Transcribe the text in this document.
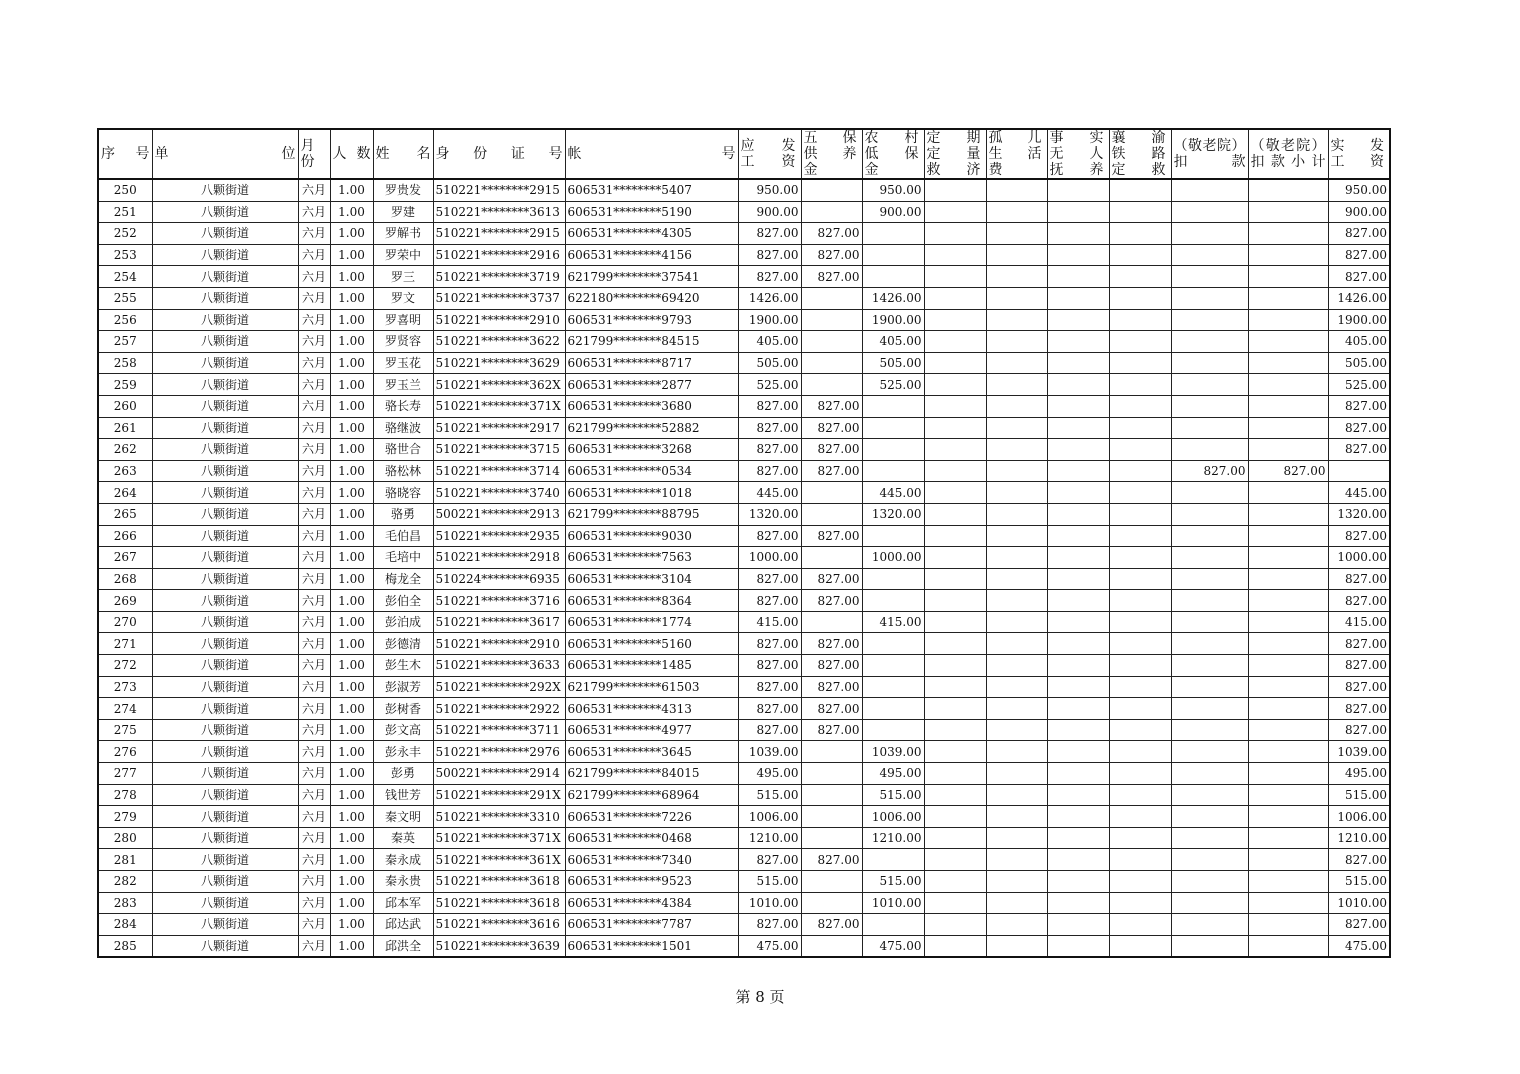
序 号	单 位	月份	人 数	姓 名	身 份 证 号	帐 号	应 发 工 资	五 保 供 养 金	农 村 低 保 金	定 期 定 量 救 济	孤 儿 生 活 费	事 实 无 人 抚 养	襄 渝 铁 路 定 救	（敬老院） 扣 款	（敬老院） 扣 款 小 计	实 发 工 资
250	八颗街道	六月	1.00	罗贵发	510221********2915	606531********5407	950.00		950.00							950.00
251	八颗街道	六月	1.00	罗建	510221********3613	606531********5190	900.00		900.00							900.00
252	八颗街道	六月	1.00	罗解书	510221********2915	606531********4305	827.00	827.00								827.00
253	八颗街道	六月	1.00	罗荣中	510221********2916	606531********4156	827.00	827.00								827.00
254	八颗街道	六月	1.00	罗三	510221********3719	621799********37541	827.00	827.00								827.00
255	八颗街道	六月	1.00	罗文	510221********3737	622180********69420	1426.00		1426.00							1426.00
256	八颗街道	六月	1.00	罗喜明	510221********2910	606531********9793	1900.00		1900.00							1900.00
257	八颗街道	六月	1.00	罗贤容	510221********3622	621799********84515	405.00		405.00							405.00
258	八颗街道	六月	1.00	罗玉花	510221********3629	606531********8717	505.00		505.00							505.00
259	八颗街道	六月	1.00	罗玉兰	510221********362X	606531********2877	525.00		525.00							525.00
260	八颗街道	六月	1.00	骆长寿	510221********371X	606531********3680	827.00	827.00								827.00
261	八颗街道	六月	1.00	骆继波	510221********2917	621799********52882	827.00	827.00								827.00
262	八颗街道	六月	1.00	骆世合	510221********3715	606531********3268	827.00	827.00								827.00
263	八颗街道	六月	1.00	骆松林	510221********3714	606531********0534	827.00	827.00						827.00	827.00	
264	八颗街道	六月	1.00	骆晓容	510221********3740	606531********1018	445.00		445.00							445.00
265	八颗街道	六月	1.00	骆勇	500221********2913	621799********88795	1320.00		1320.00							1320.00
266	八颗街道	六月	1.00	毛伯昌	510221********2935	606531********9030	827.00	827.00								827.00
267	八颗街道	六月	1.00	毛培中	510221********2918	606531********7563	1000.00		1000.00							1000.00
268	八颗街道	六月	1.00	梅龙全	510224********6935	606531********3104	827.00	827.00								827.00
269	八颗街道	六月	1.00	彭伯全	510221********3716	606531********8364	827.00	827.00								827.00
270	八颗街道	六月	1.00	彭泊成	510221********3617	606531********1774	415.00		415.00							415.00
271	八颗街道	六月	1.00	彭德清	510221********2910	606531********5160	827.00	827.00								827.00
272	八颗街道	六月	1.00	彭生木	510221********3633	606531********1485	827.00	827.00								827.00
273	八颗街道	六月	1.00	彭淑芳	510221********292X	621799********61503	827.00	827.00								827.00
274	八颗街道	六月	1.00	彭树香	510221********2922	606531********4313	827.00	827.00								827.00
275	八颗街道	六月	1.00	彭文高	510221********3711	606531********4977	827.00	827.00								827.00
276	八颗街道	六月	1.00	彭永丰	510221********2976	606531********3645	1039.00		1039.00							1039.00
277	八颗街道	六月	1.00	彭勇	500221********2914	621799********84015	495.00		495.00							495.00
278	八颗街道	六月	1.00	钱世芳	510221********291X	621799********68964	515.00		515.00							515.00
279	八颗街道	六月	1.00	秦文明	510221********3310	606531********7226	1006.00		1006.00							1006.00
280	八颗街道	六月	1.00	秦英	510221********371X	606531********0468	1210.00		1210.00							1210.00
281	八颗街道	六月	1.00	秦永成	510221********361X	606531********7340	827.00	827.00								827.00
282	八颗街道	六月	1.00	秦永贵	510221********3618	606531********9523	515.00		515.00							515.00
283	八颗街道	六月	1.00	邱本军	510221********3618	606531********4384	1010.00		1010.00							1010.00
284	八颗街道	六月	1.00	邱达武	510221********3616	606531********7787	827.00	827.00								827.00
285	八颗街道	六月	1.00	邱洪全	510221********3639	606531********1501	475.00		475.00							475.00
第 8 页
